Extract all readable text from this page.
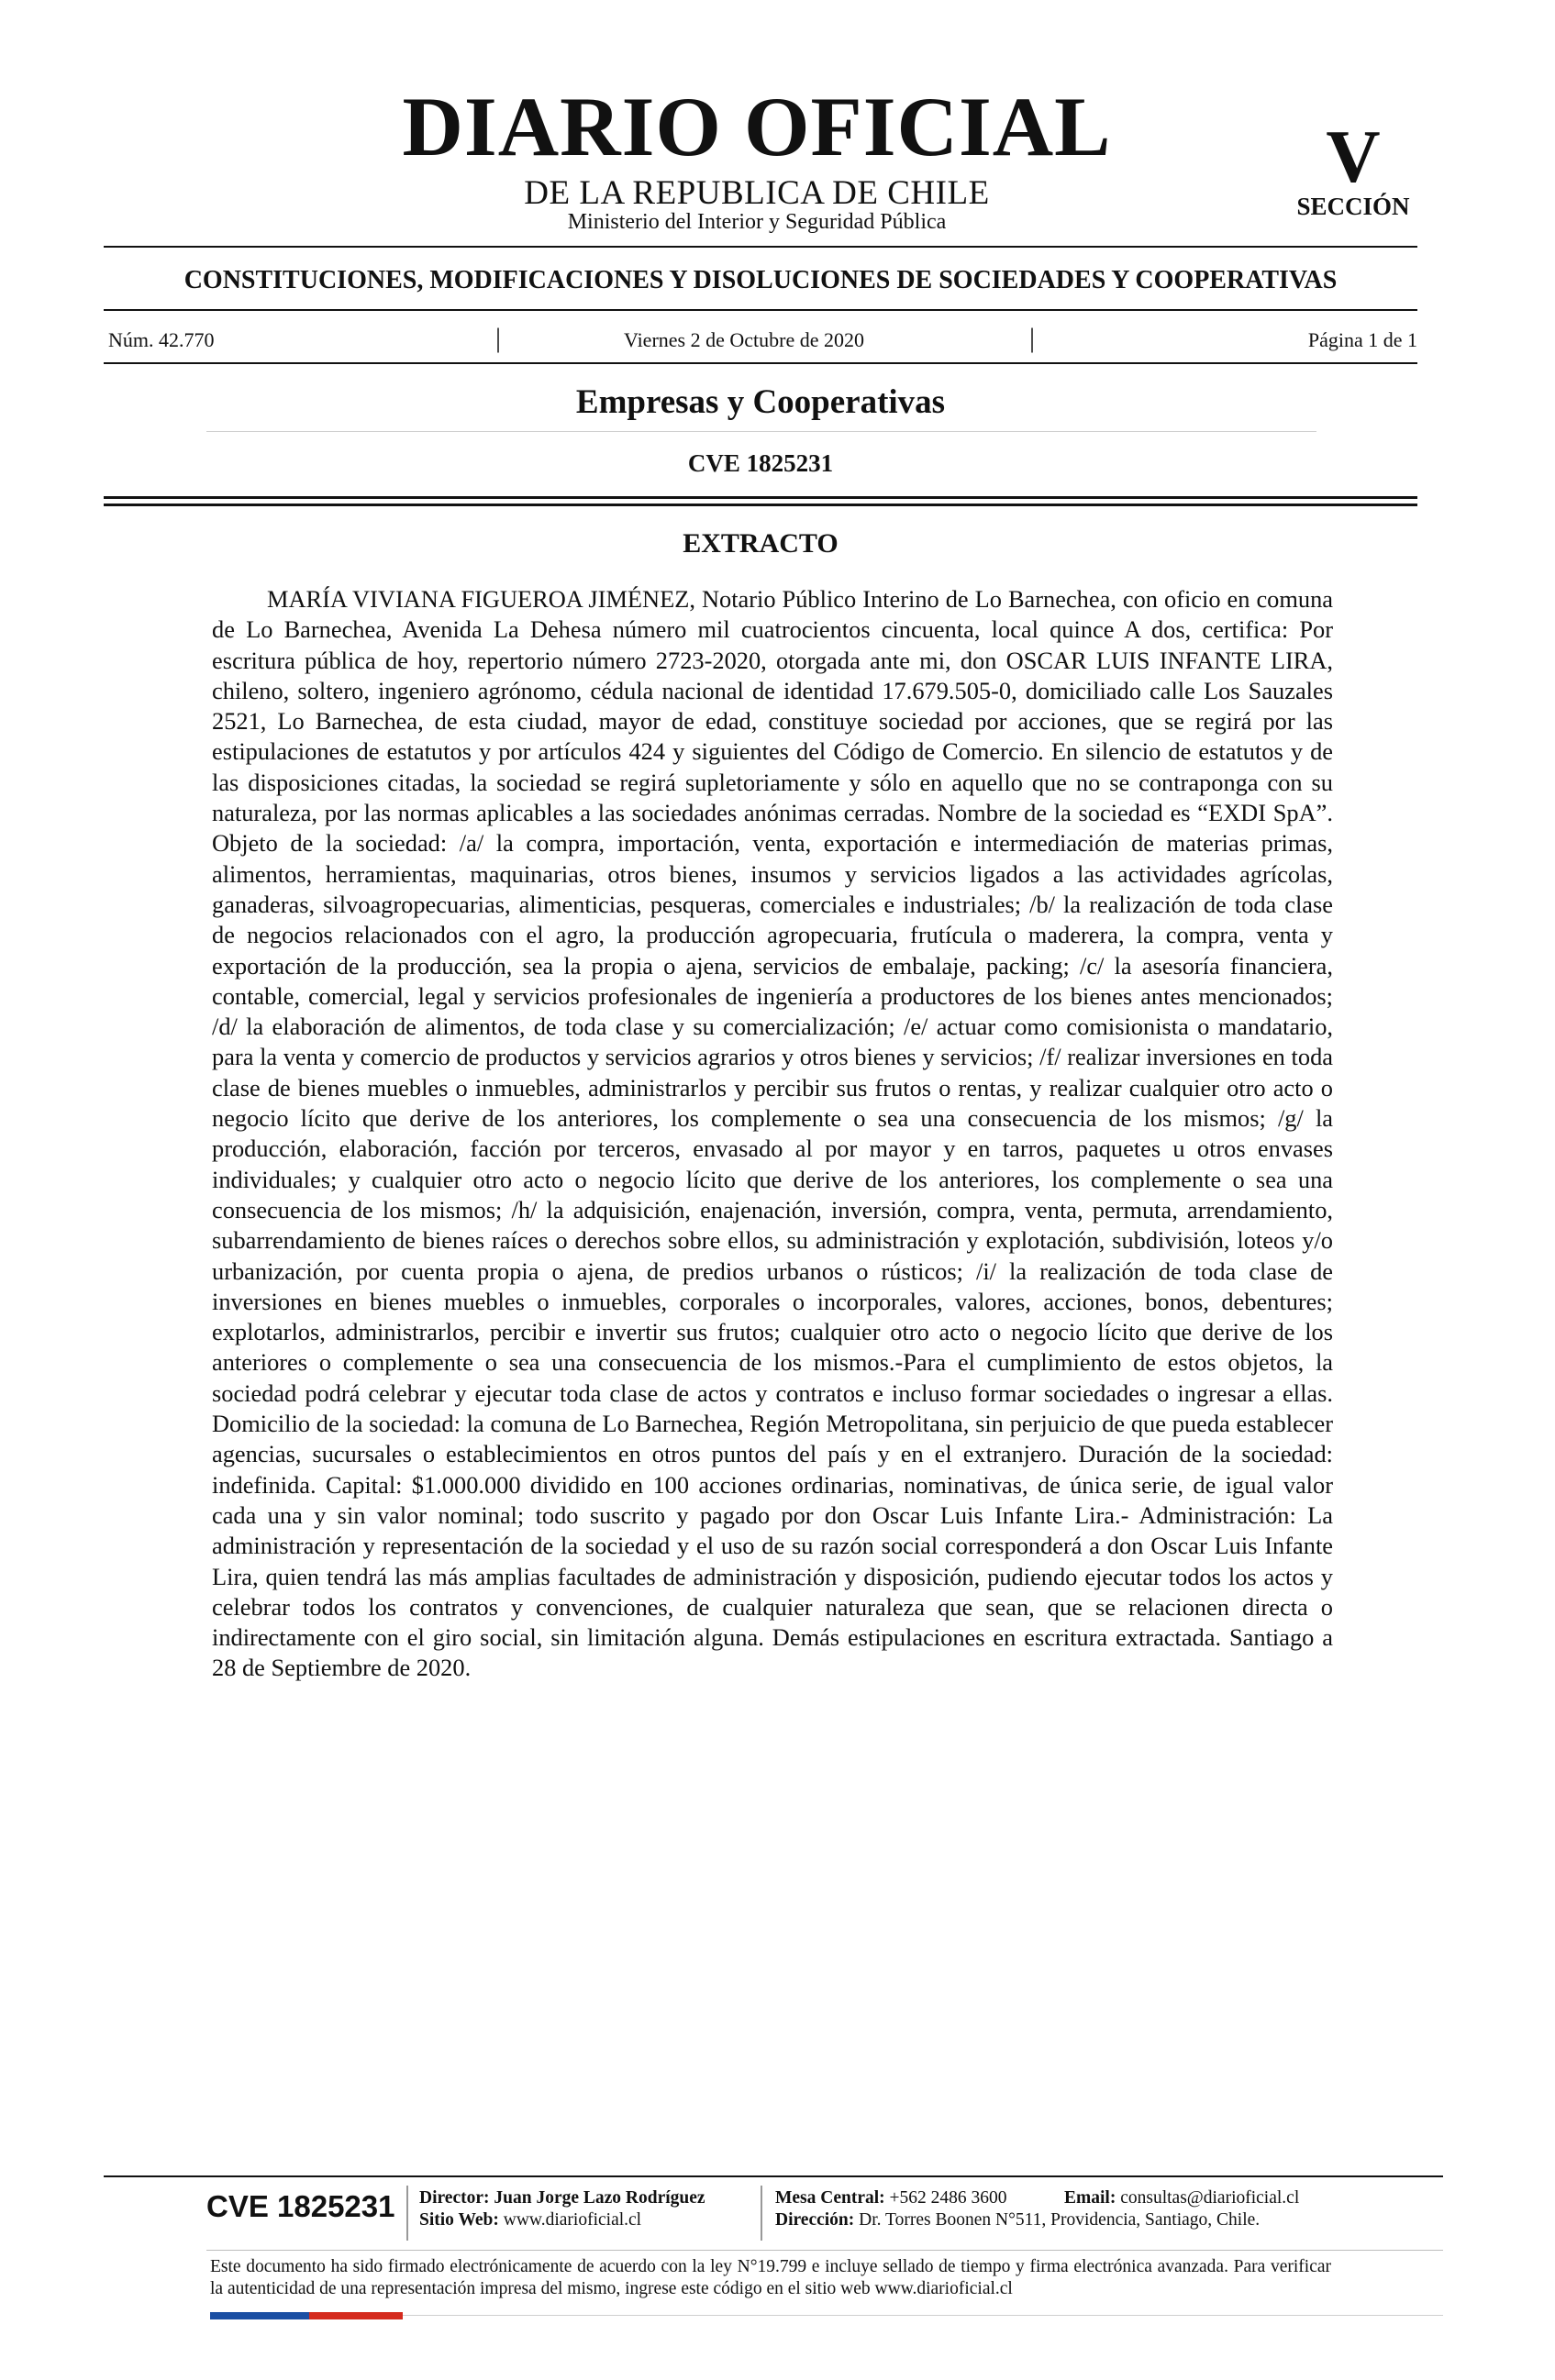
DIARIO OFICIAL
DE LA REPUBLICA DE CHILE
Ministerio del Interior y Seguridad Pública
V
SECCIÓN
CONSTITUCIONES, MODIFICACIONES Y DISOLUCIONES DE SOCIEDADES Y COOPERATIVAS
Núm. 42.770	|	Viernes 2 de Octubre de 2020	|	Página 1 de 1
Empresas y Cooperativas
CVE 1825231
EXTRACTO

MARÍA VIVIANA FIGUEROA JIMÉNEZ, Notario Público Interino de Lo Barnechea, con oficio en comuna de Lo Barnechea, Avenida La Dehesa número mil cuatrocientos cincuenta, local quince A dos, certifica: Por escritura pública de hoy, repertorio número 2723-2020, otorgada ante mi, don OSCAR LUIS INFANTE LIRA, chileno, soltero, ingeniero agrónomo, cédula nacional de identidad 17.679.505-0, domiciliado calle Los Sauzales 2521, Lo Barnechea, de esta ciudad, mayor de edad, constituye sociedad por acciones, que se regirá por las estipulaciones de estatutos y por artículos 424 y siguientes del Código de Comercio. En silencio de estatutos y de las disposiciones citadas, la sociedad se regirá supletoriamente y sólo en aquello que no se contraponga con su naturaleza, por las normas aplicables a las sociedades anónimas cerradas. Nombre de la sociedad es “EXDI SpA”. Objeto de la sociedad: /a/ la compra, importación, venta, exportación e intermediación de materias primas, alimentos, herramientas, maquinarias, otros bienes, insumos y servicios ligados a las actividades agrícolas, ganaderas, silvoagropecuarias, alimenticias, pesqueras, comerciales e industriales; /b/ la realización de toda clase de negocios relacionados con el agro, la producción agropecuaria, frutícula o maderera, la compra, venta y exportación de la producción, sea la propia o ajena, servicios de embalaje, packing; /c/ la asesoría financiera, contable, comercial, legal y servicios profesionales de ingeniería a productores de los bienes antes mencionados; /d/ la elaboración de alimentos, de toda clase y su comercialización; /e/ actuar como comisionista o mandatario, para la venta y comercio de productos y servicios agrarios y otros bienes y servicios; /f/ realizar inversiones en toda clase de bienes muebles o inmuebles, administrarlos y percibir sus frutos o rentas, y realizar cualquier otro acto o negocio lícito que derive de los anteriores, los complemente o sea una consecuencia de los mismos; /g/ la producción, elaboración, facción por terceros, envasado al por mayor y en tarros, paquetes u otros envases individuales; y cualquier otro acto o negocio lícito que derive de los anteriores, los complemente o sea una consecuencia de los mismos; /h/ la adquisición, enajenación, inversión, compra, venta, permuta, arrendamiento, subarrendamiento de bienes raíces o derechos sobre ellos, su administración y explotación, subdivisión, loteos y/o urbanización, por cuenta propia o ajena, de predios urbanos o rústicos; /i/ la realización de toda clase de inversiones en bienes muebles o inmuebles, corporales o incorporales, valores, acciones, bonos, debentures; explotarlos, administrarlos, percibir e invertir sus frutos; cualquier otro acto o negocio lícito que derive de los anteriores o complemente o sea una consecuencia de los mismos.-Para el cumplimiento de estos objetos, la sociedad podrá celebrar y ejecutar toda clase de actos y contratos e incluso formar sociedades o ingresar a ellas. Domicilio de la sociedad: la comuna de Lo Barnechea, Región Metropolitana, sin perjuicio de que pueda establecer agencias, sucursales o establecimientos en otros puntos del país y en el extranjero. Duración de la sociedad: indefinida. Capital: $1.000.000 dividido en 100 acciones ordinarias, nominativas, de única serie, de igual valor cada una y sin valor nominal; todo suscrito y pagado por don Oscar Luis Infante Lira.- Administración: La administración y representación de la sociedad y el uso de su razón social corresponderá a don Oscar Luis Infante Lira, quien tendrá las más amplias facultades de administración y disposición, pudiendo ejecutar todos los actos y celebrar todos los contratos y convenciones, de cualquier naturaleza que sean, que se relacionen directa o indirectamente con el giro social, sin limitación alguna. Demás estipulaciones en escritura extractada. Santiago a 28 de Septiembre de 2020.

CVE 1825231 Director: Juan Jorge Lazo Rodríguez
Sitio Web: www.diarioficial.cl
Mesa Central: +562 2486 3600
Dirección: Dr. Torres Boonen N°511, Providencia, Santiago, Chile.
Email: consultas@diarioficial.cl

Este documento ha sido firmado electrónicamente de acuerdo con la ley N°19.799 e incluye sellado de tiempo y firma electrónica avanzada. Para verificar la autenticidad de una representación impresa del mismo, ingrese este código en el sitio web www.diarioficial.cl
